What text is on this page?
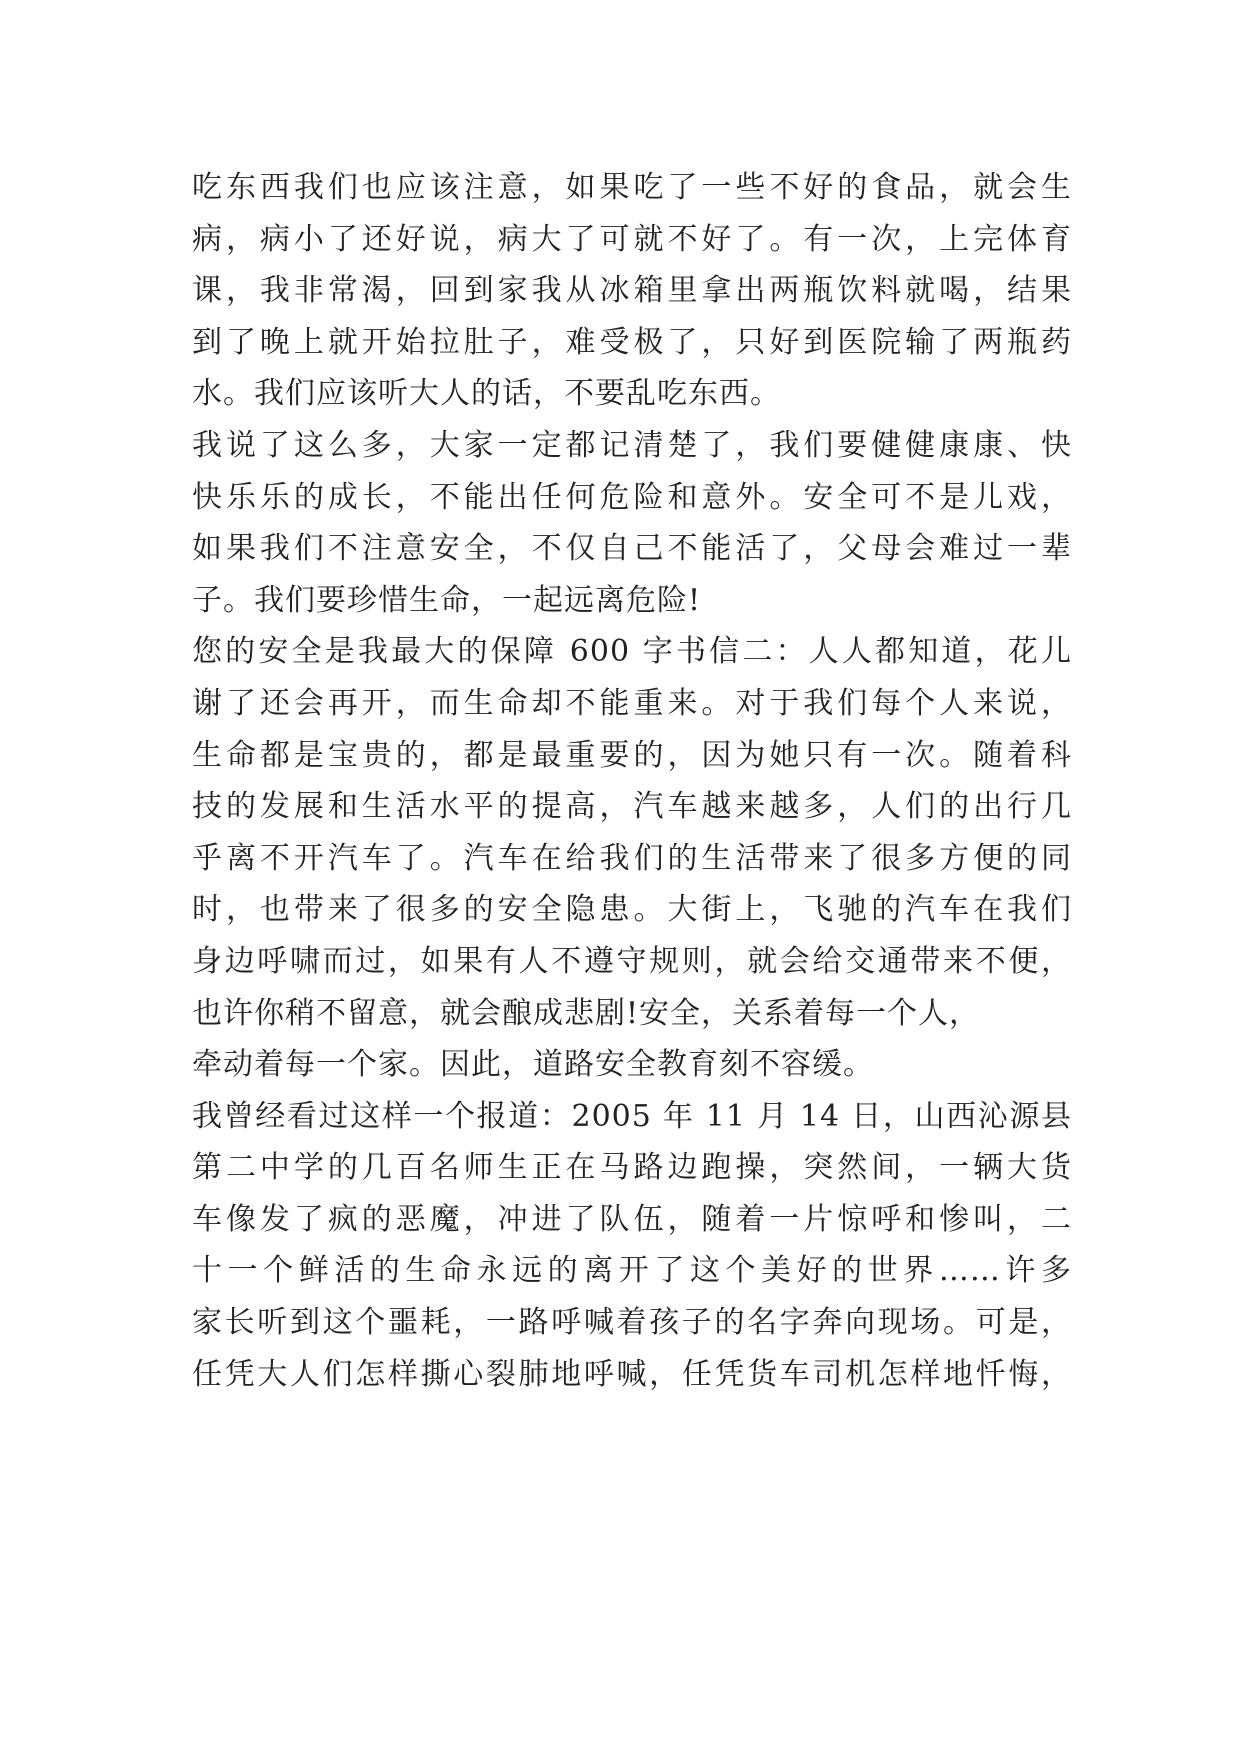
吃东西我们也应该注意，如果吃了一些不好的食品，就会生
病，病小了还好说，病大了可就不好了。有一次，上完体育
课，我非常渴，回到家我从冰箱里拿出两瓶饮料就喝，结果
到了晚上就开始拉肚子，难受极了，只好到医院输了两瓶药
水。我们应该听大人的话，不要乱吃东西。
我说了这么多，大家一定都记清楚了，我们要健健康康、快
快乐乐的成长，不能出任何危险和意外。安全可不是儿戏，
如果我们不注意安全，不仅自己不能活了，父母会难过一辈
子。我们要珍惜生命，一起远离危险!
您的安全是我最大的保障 600 字书信二：人人都知道，花儿
谢了还会再开，而生命却不能重来。对于我们每个人来说，
生命都是宝贵的，都是最重要的，因为她只有一次。随着科
技的发展和生活水平的提高，汽车越来越多，人们的出行几
乎离不开汽车了。汽车在给我们的生活带来了很多方便的同
时，也带来了很多的安全隐患。大街上，飞驰的汽车在我们
身边呼啸而过，如果有人不遵守规则，就会给交通带来不便，
也许你稍不留意，就会酿成悲剧!安全，关系着每一个人，
牵动着每一个家。因此，道路安全教育刻不容缓。
我曾经看过这样一个报道：2005 年 11 月 14 日，山西沁源县
第二中学的几百名师生正在马路边跑操，突然间，一辆大货
车像发了疯的恶魔，冲进了队伍，随着一片惊呼和惨叫，二
十一个鲜活的生命永远的离开了这个美好的世界……许多
家长听到这个噩耗，一路呼喊着孩子的名字奔向现场。可是，
任凭大人们怎样撕心裂肺地呼喊，任凭货车司机怎样地忏悔，
